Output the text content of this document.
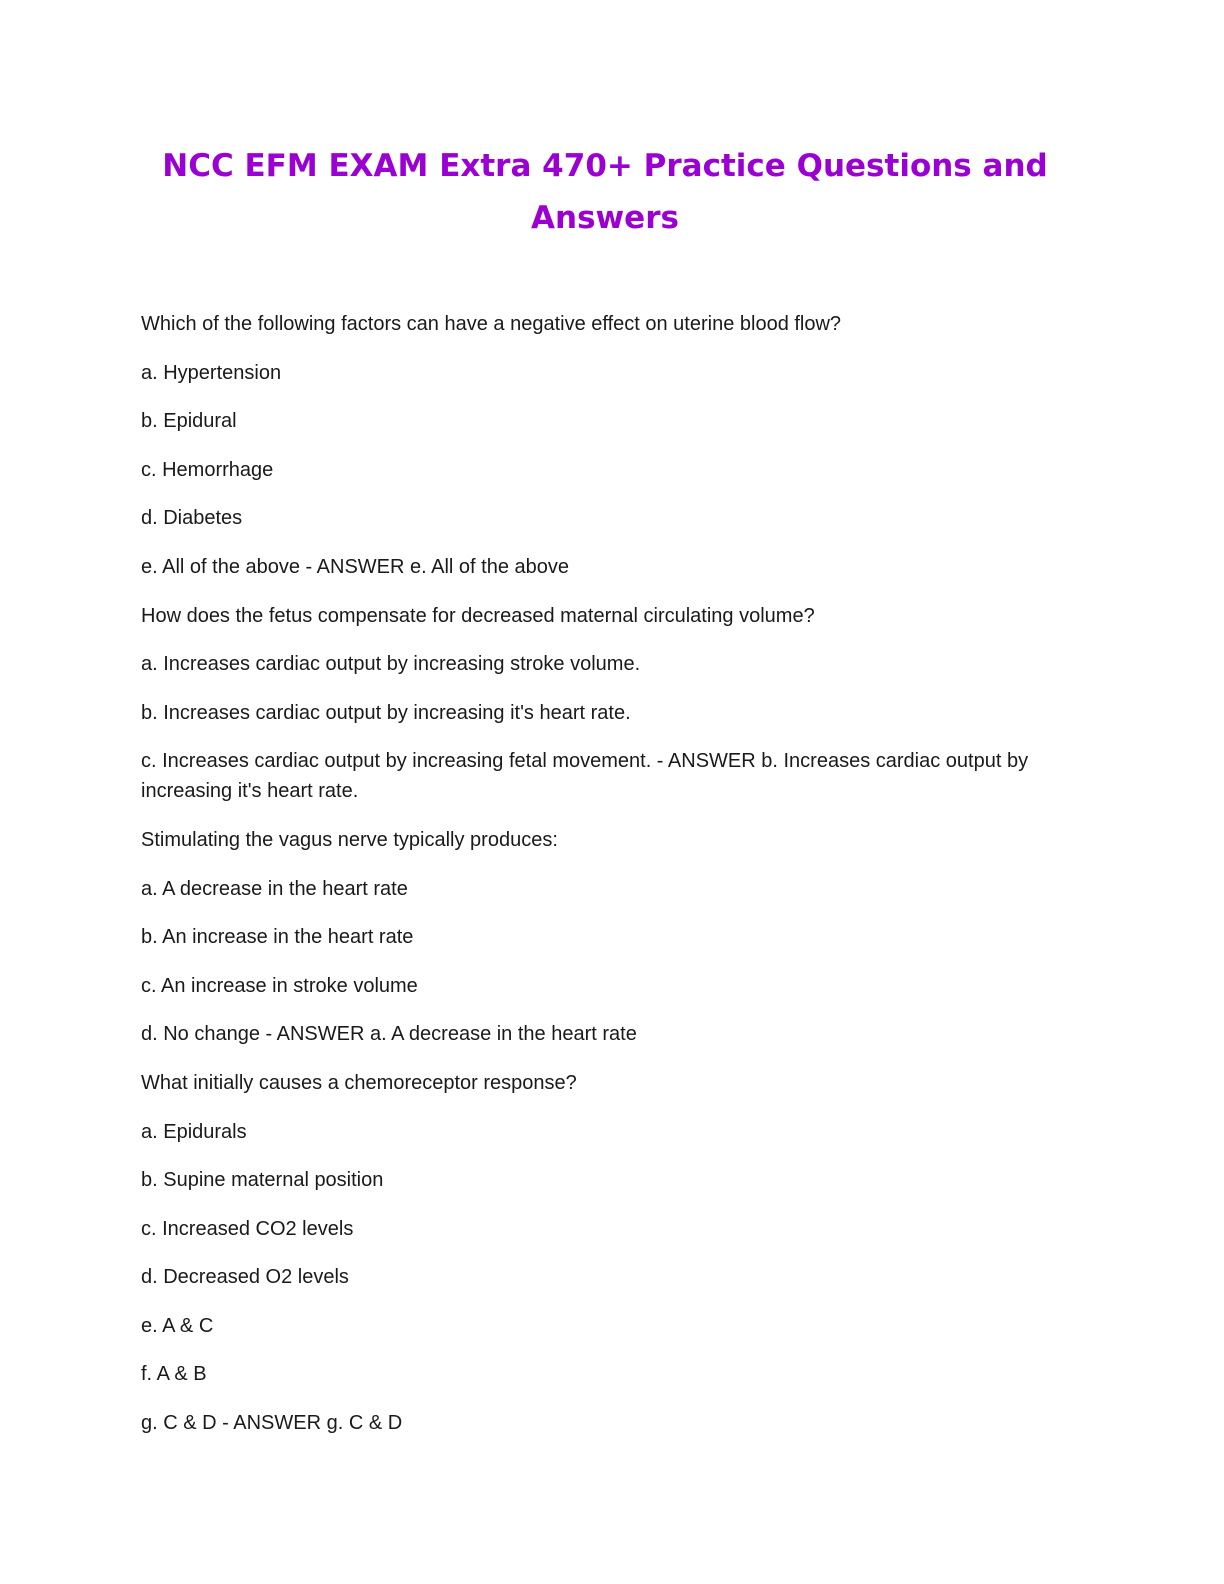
NCC EFM EXAM Extra 470+ Practice Questions and Answers

Which of the following factors can have a negative effect on uterine blood flow?

a. Hypertension

b. Epidural

c. Hemorrhage

d. Diabetes

e. All of the above - ANSWER e. All of the above

How does the fetus compensate for decreased maternal circulating volume?

a. Increases cardiac output by increasing stroke volume.

b. Increases cardiac output by increasing it's heart rate.

c. Increases cardiac output by increasing fetal movement. - ANSWER b. Increases cardiac output by increasing it's heart rate.

Stimulating the vagus nerve typically produces:

a. A decrease in the heart rate

b. An increase in the heart rate

c. An increase in stroke volume

d. No change - ANSWER a. A decrease in the heart rate

What initially causes a chemoreceptor response?

a. Epidurals

b. Supine maternal position

c. Increased CO2 levels

d. Decreased O2 levels

e. A & C

f. A & B

g. C & D - ANSWER g. C & D
